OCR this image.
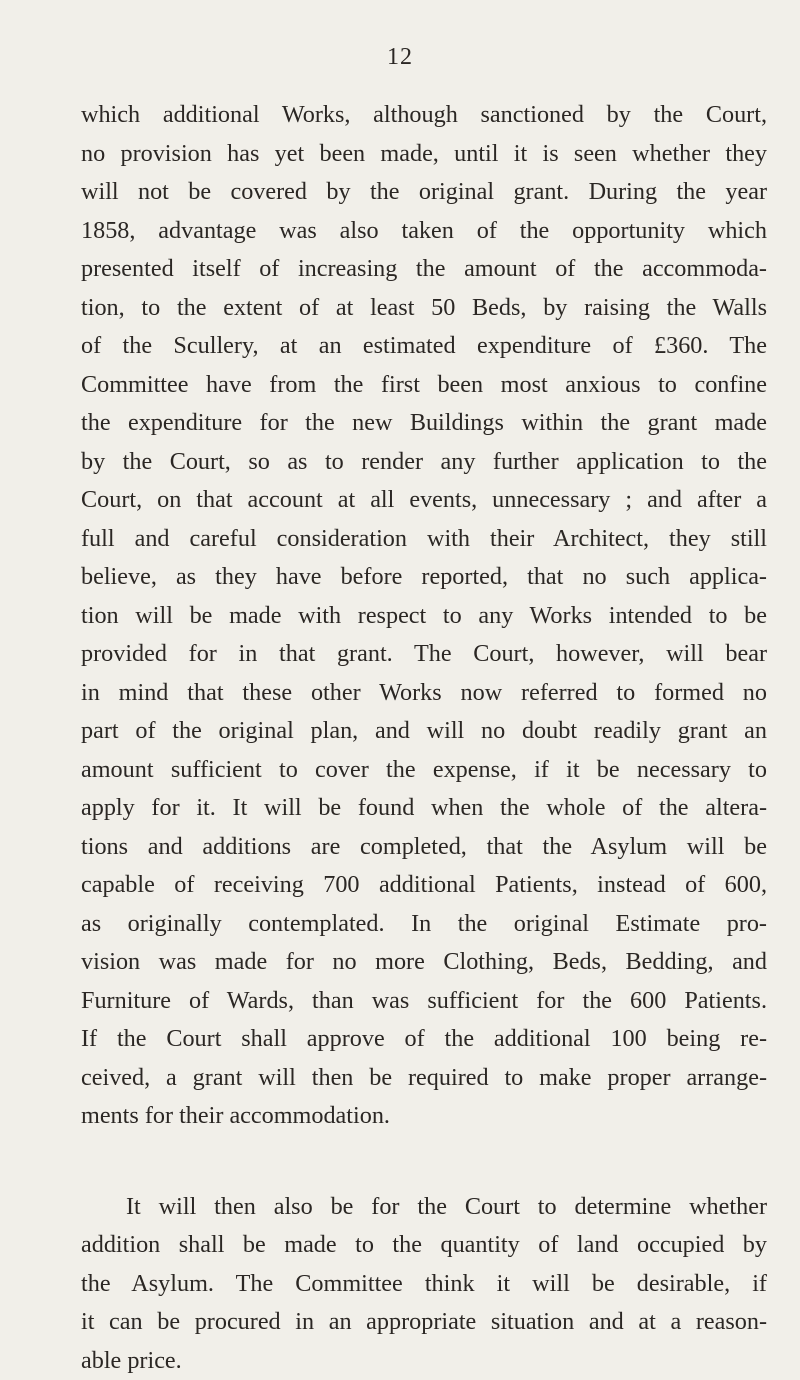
12
which additional Works, although sanctioned by the Court,
no provision has yet been made, until it is seen whether they
will not be covered by the original grant. During the year
1858, advantage was also taken of the opportunity which
presented itself of increasing the amount of the accommoda-
tion, to the extent of at least 50 Beds, by raising the Walls
of the Scullery, at an estimated expenditure of £360. The
Committee have from the first been most anxious to confine
the expenditure for the new Buildings within the grant made
by the Court, so as to render any further application to the
Court, on that account at all events, unnecessary ; and after a
full and careful consideration with their Architect, they still
believe, as they have before reported, that no such applica-
tion will be made with respect to any Works intended to be
provided for in that grant. The Court, however, will bear
in mind that these other Works now referred to formed no
part of the original plan, and will no doubt readily grant an
amount sufficient to cover the expense, if it be necessary to
apply for it. It will be found when the whole of the altera-
tions and additions are completed, that the Asylum will be
capable of receiving 700 additional Patients, instead of 600,
as originally contemplated. In the original Estimate pro-
vision was made for no more Clothing, Beds, Bedding, and
Furniture of Wards, than was sufficient for the 600 Patients.
If the Court shall approve of the additional 100 being re-
ceived, a grant will then be required to make proper arrange-
ments for their accommodation.
It will then also be for the Court to determine whether
addition shall be made to the quantity of land occupied by
the Asylum. The Committee think it will be desirable, if
it can be procured in an appropriate situation and at a reason-
able price.
